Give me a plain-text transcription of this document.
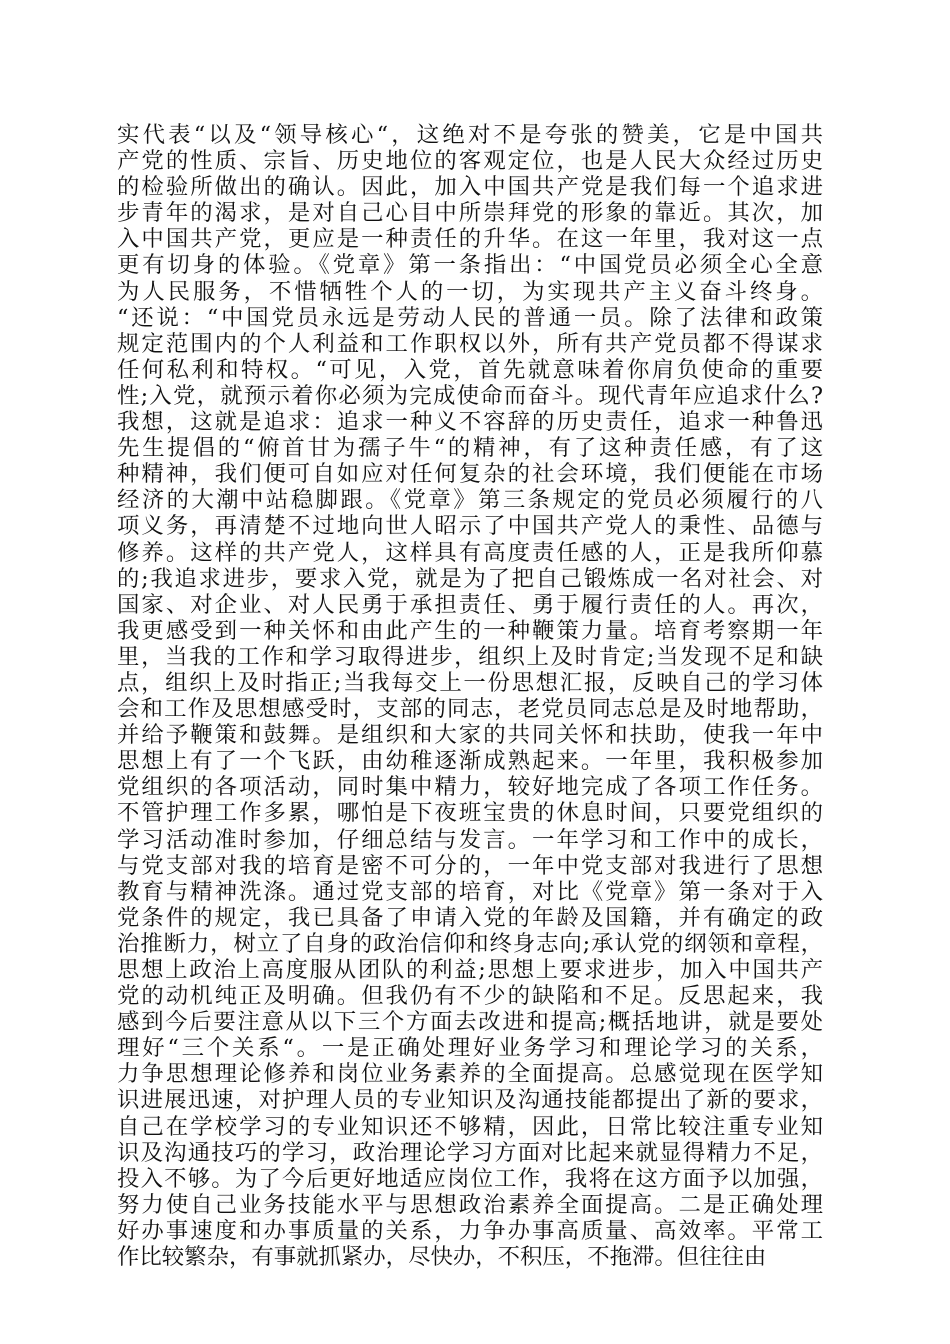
实代表“以及“领导核心“，这绝对不是夸张的赞美，它是中国共
产党的性质、宗旨、历史地位的客观定位，也是人民大众经过历史
的检验所做出的确认。因此，加入中国共产党是我们每一个追求进
步青年的渴求，是对自己心目中所崇拜党的形象的靠近。其次，加
入中国共产党，更应是一种责任的升华。在这一年里，我对这一点
更有切身的体验。《党章》第一条指出：“中国党员必须全心全意
为人民服务，不惜牺牲个人的一切，为实现共产主义奋斗终身。
“还说：“中国党员永远是劳动人民的普通一员。除了法律和政策
规定范围内的个人利益和工作职权以外，所有共产党员都不得谋求
任何私利和特权。“可见，入党，首先就意味着你肩负使命的重要
性;入党，就预示着你必须为完成使命而奋斗。现代青年应追求什么?
我想，这就是追求：追求一种义不容辞的历史责任，追求一种鲁迅
先生提倡的“俯首甘为孺子牛“的精神，有了这种责任感，有了这
种精神，我们便可自如应对任何复杂的社会环境，我们便能在市场
经济的大潮中站稳脚跟。《党章》第三条规定的党员必须履行的八
项义务，再清楚不过地向世人昭示了中国共产党人的秉性、品德与
修养。这样的共产党人，这样具有高度责任感的人，正是我所仰慕
的;我追求进步，要求入党，就是为了把自己锻炼成一名对社会、对
国家、对企业、对人民勇于承担责任、勇于履行责任的人。再次，
我更感受到一种关怀和由此产生的一种鞭策力量。培育考察期一年
里，当我的工作和学习取得进步，组织上及时肯定;当发现不足和缺
点，组织上及时指正;当我每交上一份思想汇报，反映自己的学习体
会和工作及思想感受时，支部的同志，老党员同志总是及时地帮助，
并给予鞭策和鼓舞。是组织和大家的共同关怀和扶助，使我一年中
思想上有了一个飞跃，由幼稚逐渐成熟起来。一年里，我积极参加
党组织的各项活动，同时集中精力，较好地完成了各项工作任务。
不管护理工作多累，哪怕是下夜班宝贵的休息时间，只要党组织的
学习活动准时参加，仔细总结与发言。一年学习和工作中的成长，
与党支部对我的培育是密不可分的，一年中党支部对我进行了思想
教育与精神洗涤。通过党支部的培育，对比《党章》第一条对于入
党条件的规定，我已具备了申请入党的年龄及国籍，并有确定的政
治推断力，树立了自身的政治信仰和终身志向;承认党的纲领和章程，
思想上政治上高度服从团队的利益;思想上要求进步，加入中国共产
党的动机纯正及明确。但我仍有不少的缺陷和不足。反思起来，我
感到今后要注意从以下三个方面去改进和提高;概括地讲，就是要处
理好“三个关系“。一是正确处理好业务学习和理论学习的关系，
力争思想理论修养和岗位业务素养的全面提高。总感觉现在医学知
识进展迅速，对护理人员的专业知识及沟通技能都提出了新的要求，
自己在学校学习的专业知识还不够精，因此，日常比较注重专业知
识及沟通技巧的学习，政治理论学习方面对比起来就显得精力不足，
投入不够。为了今后更好地适应岗位工作，我将在这方面予以加强，
努力使自己业务技能水平与思想政治素养全面提高。二是正确处理
好办事速度和办事质量的关系，力争办事高质量、高效率。平常工
作比较繁杂，有事就抓紧办，尽快办，不积压，不拖滞。但往往由
